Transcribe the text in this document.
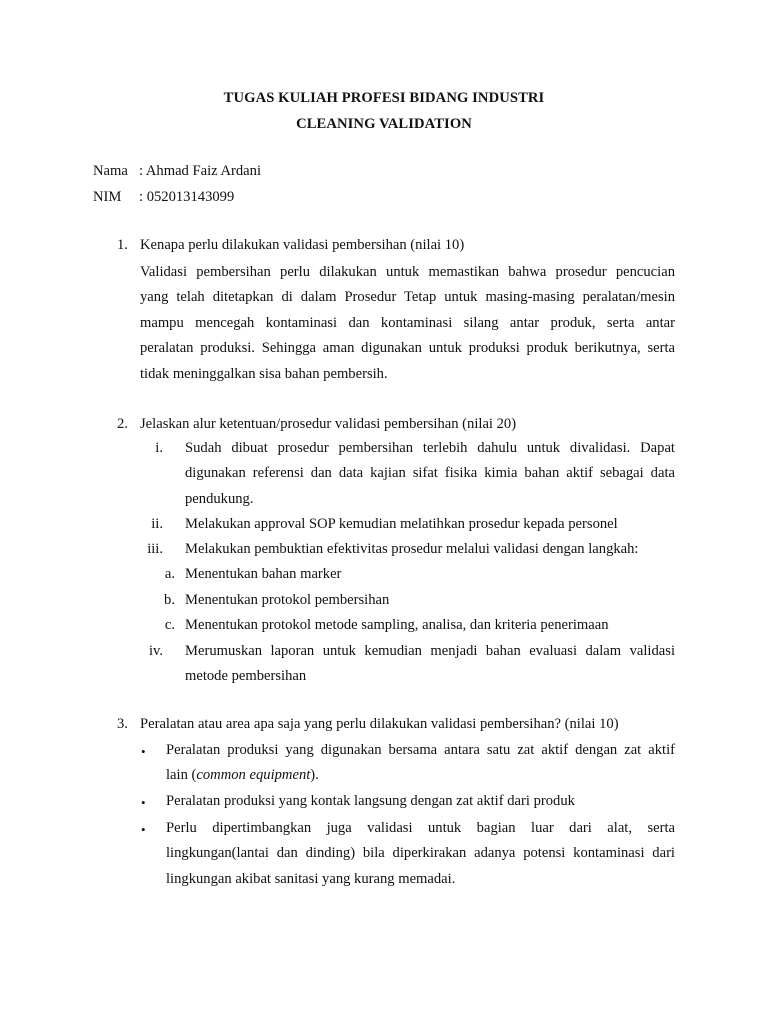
TUGAS KULIAH PROFESI BIDANG INDUSTRI
CLEANING VALIDATION
Nama : Ahmad Faiz Ardani
NIM : 052013143099
1. Kenapa perlu dilakukan validasi pembersihan (nilai 10)
Validasi pembersihan perlu dilakukan untuk memastikan bahwa prosedur pencucian
yang telah ditetapkan di dalam Prosedur Tetap untuk masing-masing peralatan/mesin
mampu mencegah kontaminasi dan kontaminasi silang antar produk, serta antar
peralatan produksi. Sehingga aman digunakan untuk produksi produk berikutnya, serta
tidak meninggalkan sisa bahan pembersih.
2. Jelaskan alur ketentuan/prosedur validasi pembersihan (nilai 20)
i. Sudah dibuat prosedur pembersihan terlebih dahulu untuk divalidasi. Dapat
digunakan referensi dan data kajian sifat fisika kimia bahan aktif sebagai data
pendukung.
ii. Melakukan approval SOP kemudian melatihkan prosedur kepada personel
iii. Melakukan pembuktian efektivitas prosedur melalui validasi dengan langkah:
a. Menentukan bahan marker
b. Menentukan protokol pembersihan
c. Menentukan protokol metode sampling, analisa, dan kriteria penerimaan
iv. Merumuskan laporan untuk kemudian menjadi bahan evaluasi dalam validasi
metode pembersihan
3. Peralatan atau area apa saja yang perlu dilakukan validasi pembersihan? (nilai 10)
• Peralatan produksi yang digunakan bersama antara satu zat aktif dengan zat aktif
lain (common equipment).
• Peralatan produksi yang kontak langsung dengan zat aktif dari produk
• Perlu dipertimbangkan juga validasi untuk bagian luar dari alat, serta
lingkungan(lantai dan dinding) bila diperkirakan adanya potensi kontaminasi dari
lingkungan akibat sanitasi yang kurang memadai.
